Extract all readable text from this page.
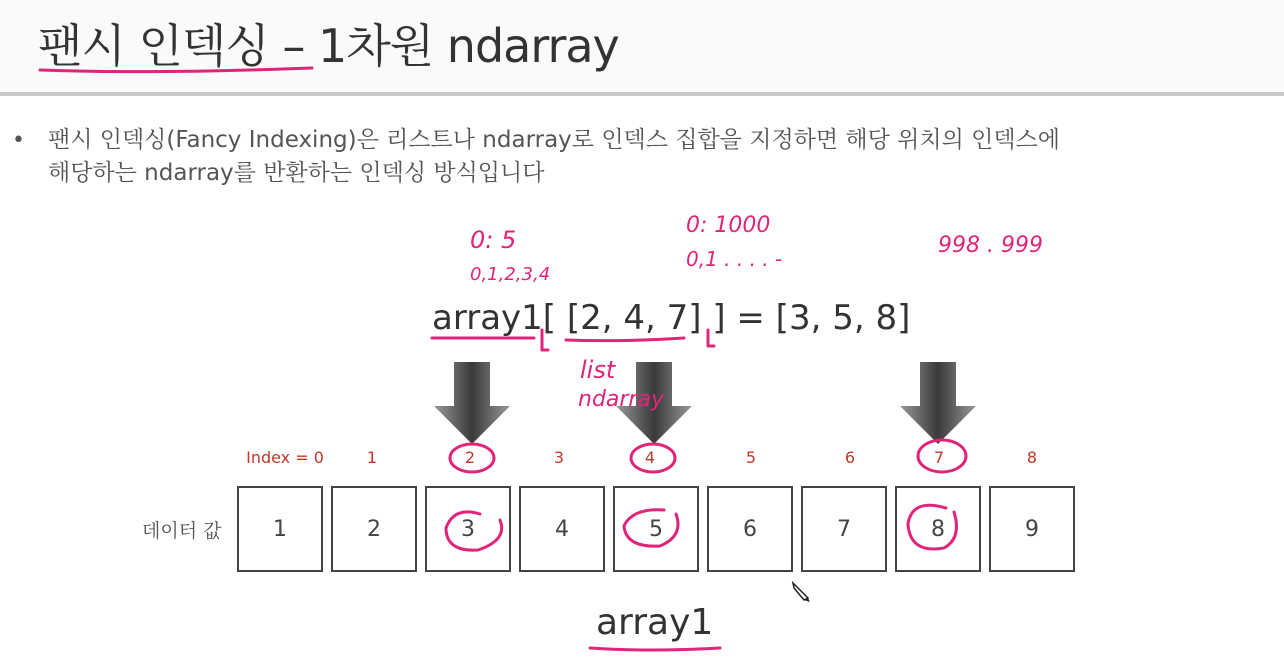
팬시 인덱싱 – 1차원 ndarray
• 팬시 인덱싱(Fancy Indexing)은 리스트나 ndarray로 인덱스 집합을 지정하면 해당 위치의 인덱스에
해당하는 ndarray를 반환하는 인덱싱 방식입니다
array1[ [2, 4, 7] ] = [3, 5, 8]
Index = 0	1	2	3	4	5	6	7	8
데이터 값	1	2	3	4	5	6	7	8	9
array1
0: 5
0,1,2,3,4
0: 1000
0,1 . . . . -
998 . 999
list
ndarray
